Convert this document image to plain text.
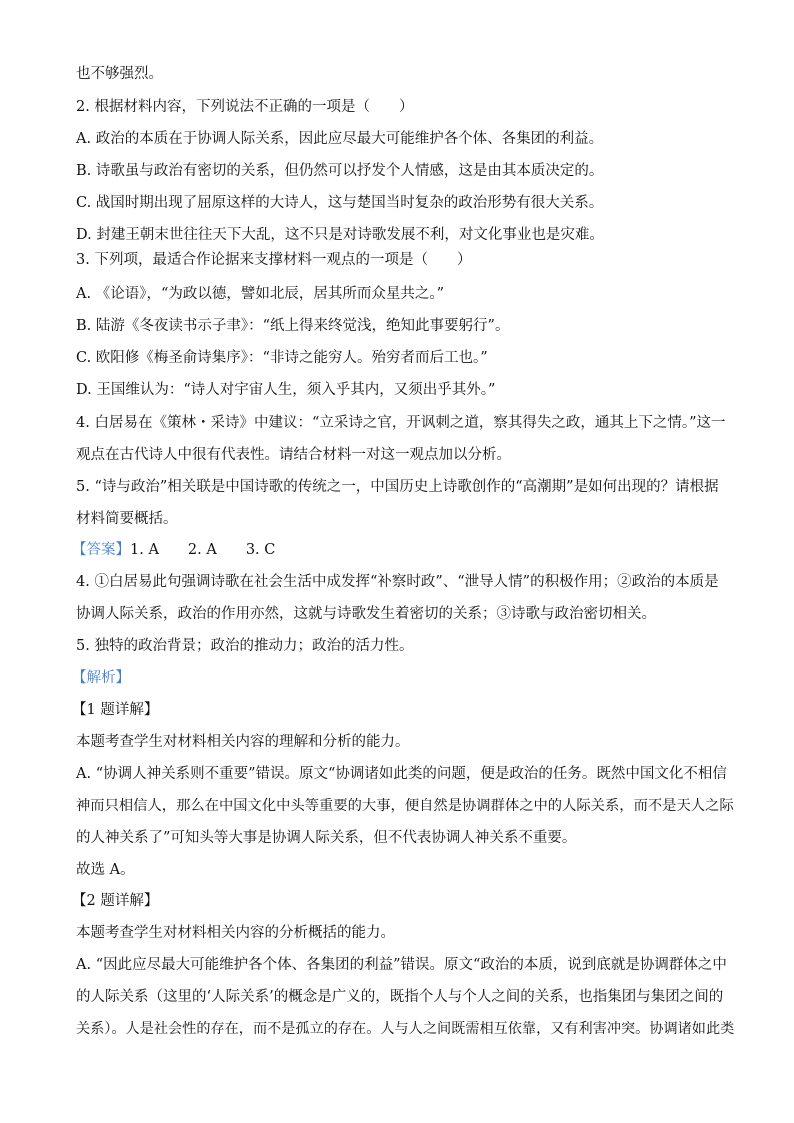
也不够强烈。
2. 根据材料内容，下列说法不正确的一项是（　　）
A. 政治的本质在于协调人际关系，因此应尽最大可能维护各个体、各集团的利益。
B. 诗歌虽与政治有密切的关系，但仍然可以抒发个人情感，这是由其本质决定的。
C. 战国时期出现了屈原这样的大诗人，这与楚国当时复杂的政治形势有很大关系。
D. 封建王朝末世往往天下大乱，这不只是对诗歌发展不利，对文化事业也是灾难。
3. 下列项，最适合作论据来支撑材料一观点的一项是（　　）
A. 《论语》，“为政以德，譬如北辰，居其所而众星共之。”
B. 陆游《冬夜读书示子聿》：“纸上得来终觉浅，绝知此事要躬行”。
C. 欧阳修《梅圣俞诗集序》：“非诗之能穷人。殆穷者而后工也。”
D. 王国维认为：“诗人对宇宙人生，须入乎其内，又须出乎其外。”
4. 白居易在《策林・采诗》中建议：“立采诗之官，开讽刺之道，察其得失之政，通其上下之情。”这一
观点在古代诗人中很有代表性。请结合材料一对这一观点加以分析。
5. “诗与政治”相关联是中国诗歌的传统之一，中国历史上诗歌创作的“高潮期”是如何出现的？请根据
材料简要概括。
【答案】1. A　　2. A　　3. C
4. ①白居易此句强调诗歌在社会生活中成发挥“补察时政”、“泄导人情”的积极作用；②政治的本质是
协调人际关系，政治的作用亦然，这就与诗歌发生着密切的关系；③诗歌与政治密切相关。
5. 独特的政治背景；政治的推动力；政治的活力性。
【解析】
【1 题详解】
本题考查学生对材料相关内容的理解和分析的能力。
A. “协调人神关系则不重要”错误。原文“协调诸如此类的问题，便是政治的任务。既然中国文化不相信
神而只相信人，那么在中国文化中头等重要的大事，便自然是协调群体之中的人际关系，而不是天人之际
的人神关系了”可知头等大事是协调人际关系，但不代表协调人神关系不重要。
故选 A。
【2 题详解】
本题考查学生对材料相关内容的分析概括的能力。
A. “因此应尽最大可能维护各个体、各集团的利益”错误。原文“政治的本质，说到底就是协调群体之中
的人际关系（这里的‘人际关系’的概念是广义的，既指个人与个人之间的关系，也指集团与集团之间的
关系）。人是社会性的存在，而不是孤立的存在。人与人之间既需相互依靠，又有利害冲突。协调诸如此类
